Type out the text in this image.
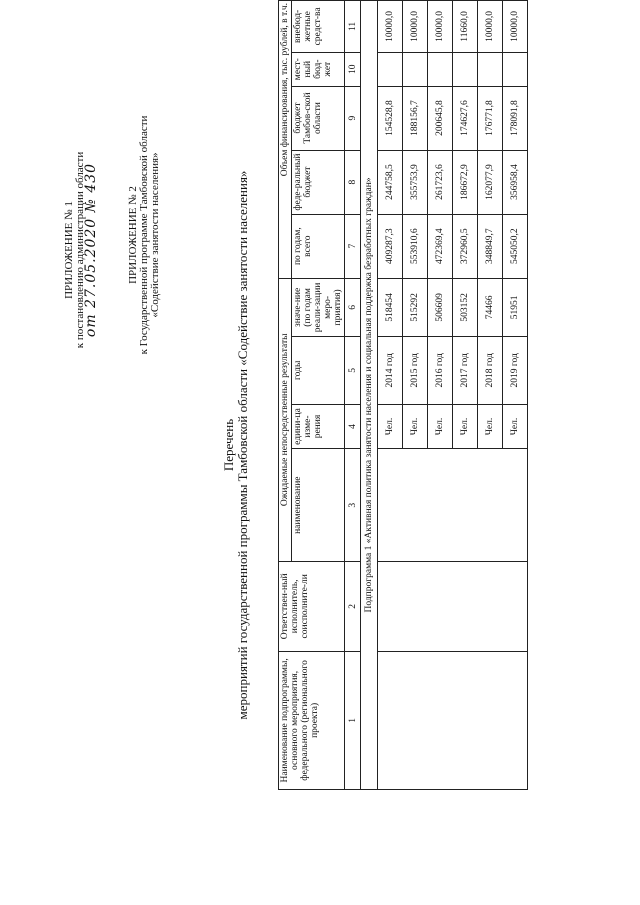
ПРИЛОЖЕНИЕ № 1 к постановлению администрации области
от 27.05.2020 № 430	ПРИЛОЖЕНИЕ № 2 к Государственной программе Тамбовской области «Содействие занятости населения»
Перечень мероприятий государственной программы Тамбовской области «Содействие занятости населения»
Наименование подпрограммы, основного мероприятия, федерального (регионального проекта)	Ответствен-ный исполнитель, соисполните-ли	Ожидаемые непосредственные результаты				Объем финансирования, тыс. рублей, в т.ч.				
		наименование	едини-ца изме-рения	годы	значе-ние (по годам реали-зации меро-приятия)	по годам, всего	феде-ральный бюджет	бюджет Тамбов-ской области	мест-ный бюд-жет	внебюд-жетные средст-ва
1	2	3	4	5	6	7	8	9	10	11
Подпрограмма 1 «Активная политика занятости населения и социальная поддержка безработных граждан»										
			Чел.	2014 год	518454	409287,3	244758,5	154528,8		10000,0
			Чел.	2015 год	515292	553910,6	355753,9	188156,7		10000,0
			Чел.	2016 год	506609	472369,4	261723,6	200645,8		10000,0
			Чел.	2017 год	503152	372960,5	186672,9	174627,6		11660,0
			Чел.	2018 год	74466	348849,7	162077,9	176771,8		10000,0
			Чел.	2019 год	51951	545050,2	356958,4	178091,8		10000,0
